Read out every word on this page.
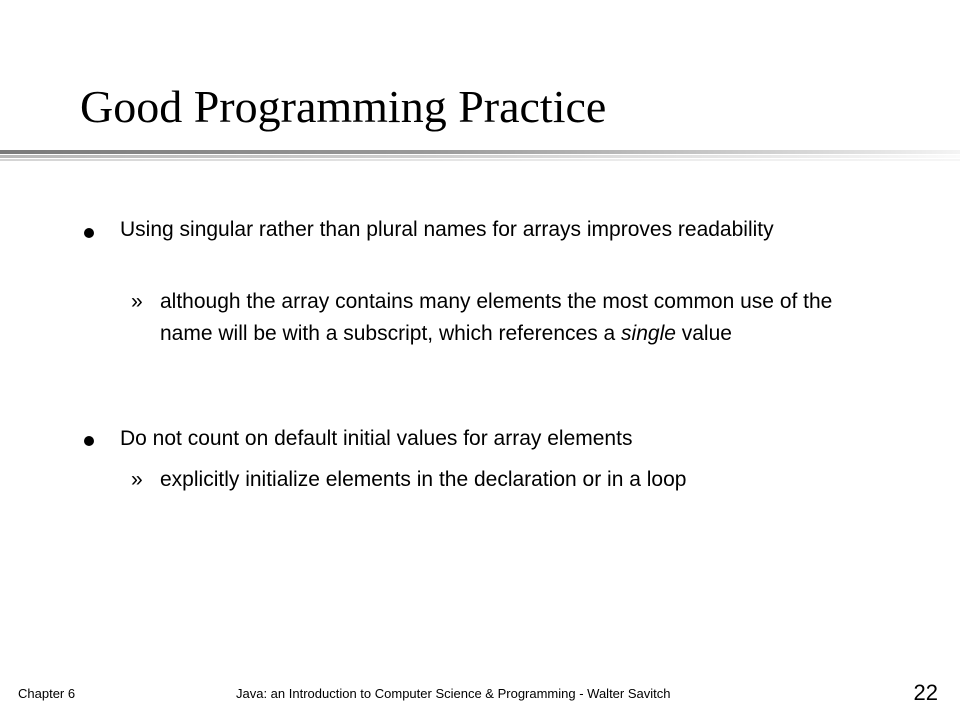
Good Programming Practice

Using singular rather than plural names for arrays improves readability

» although the array contains many elements the most common use of the name will be with a subscript, which references a single value

Do not count on default initial values for array elements

» explicitly initialize elements in the declaration or in a loop

Chapter 6	Java: an Introduction to Computer Science & Programming - Walter Savitch	22
